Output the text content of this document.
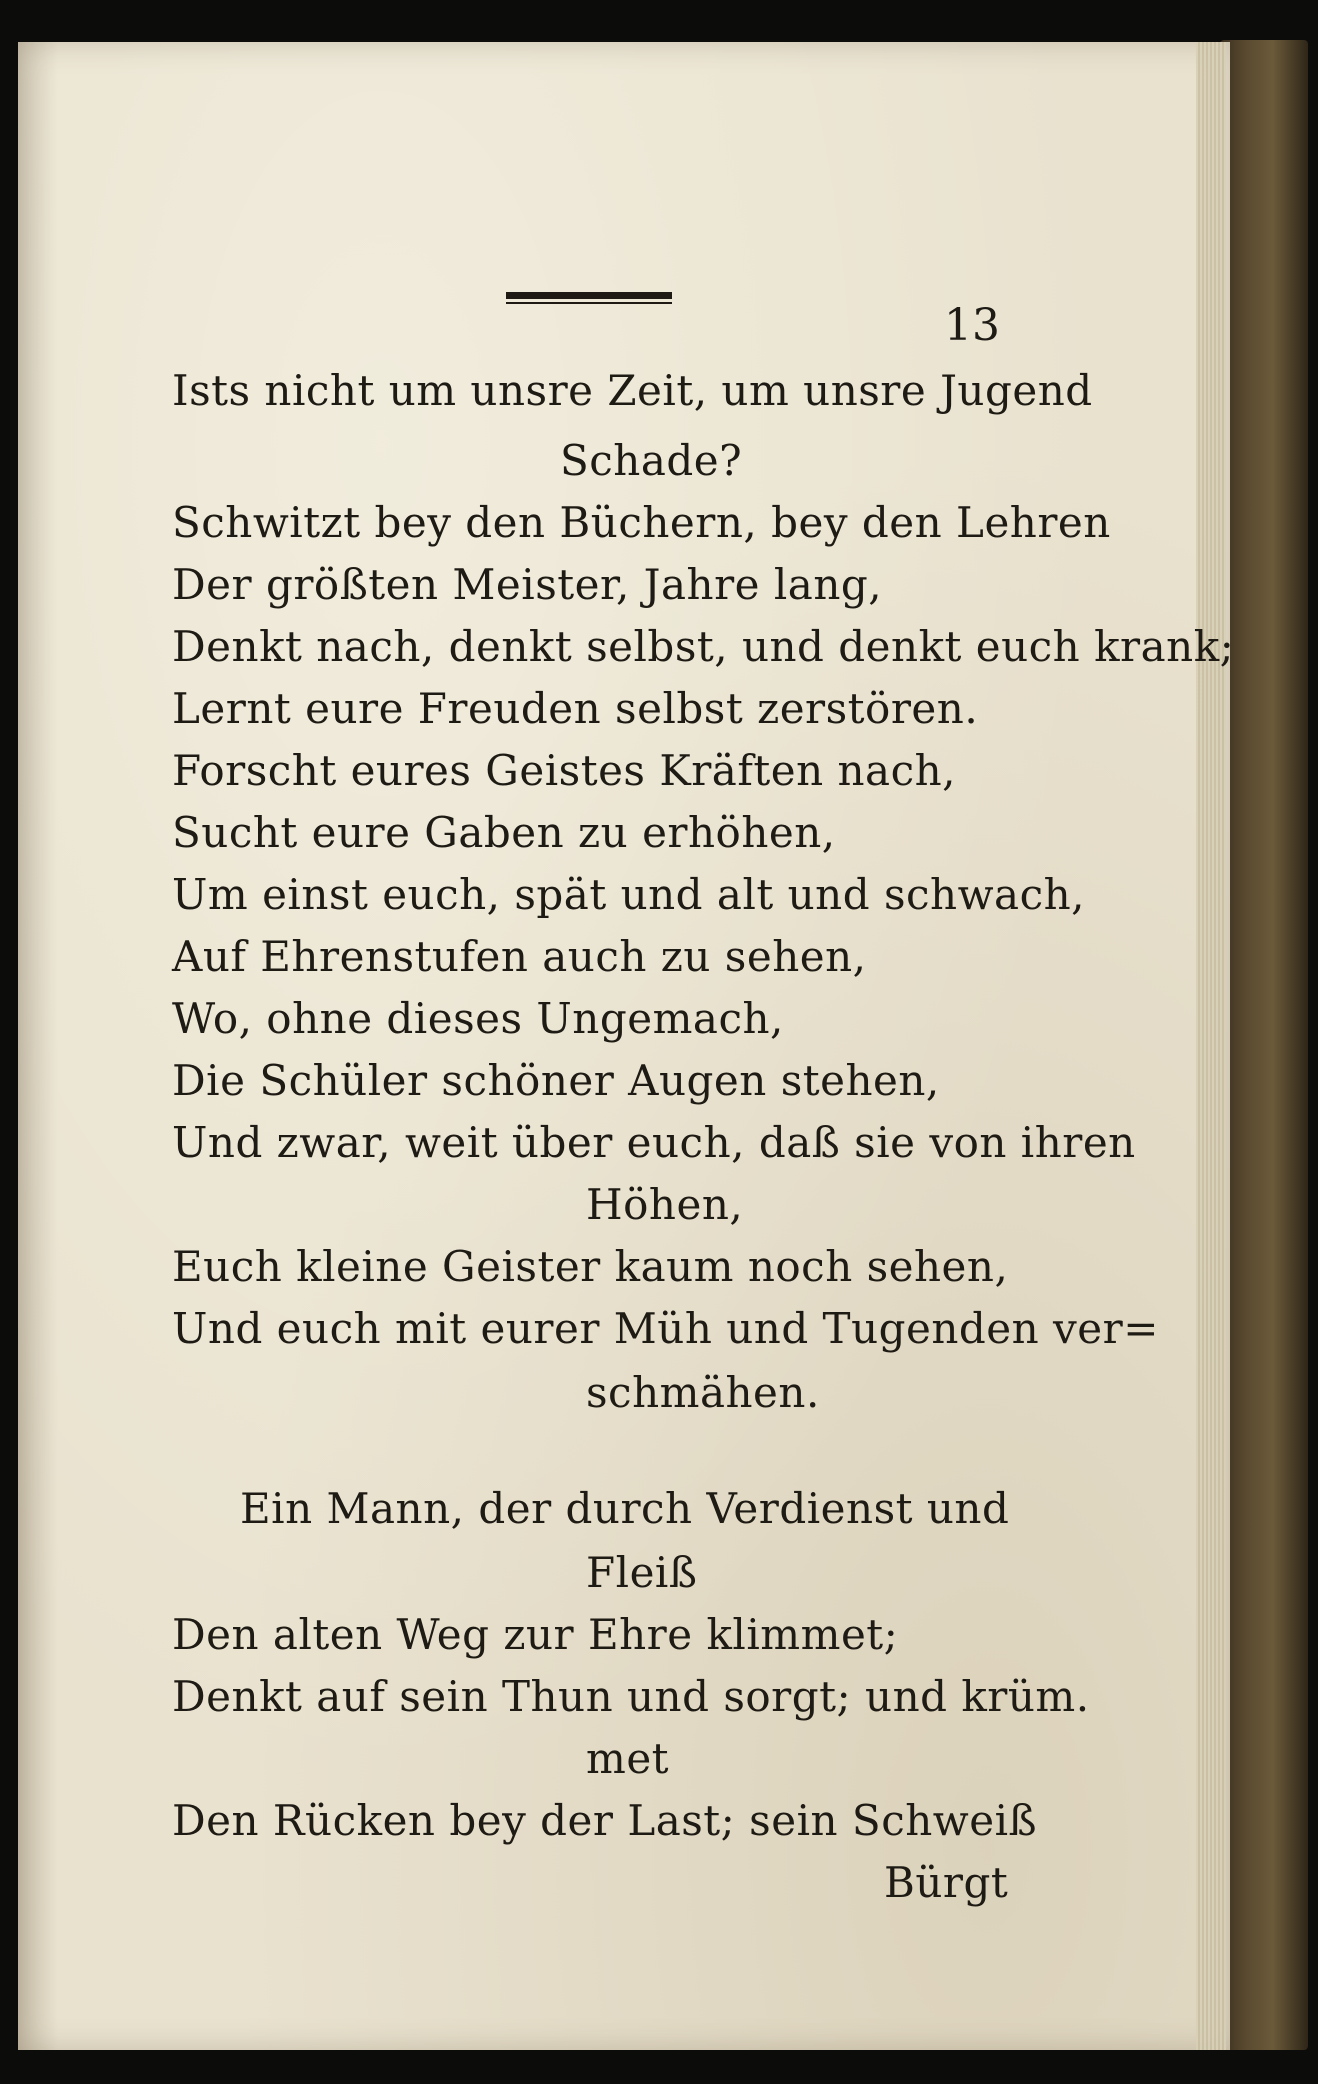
13
Ists nicht um unsre Zeit, um unsre Jugend
Schade?
Schwitzt bey den Büchern, bey den Lehren
Der größten Meister, Jahre lang,
Denkt nach, denkt selbst, und denkt euch krank;
Lernt eure Freuden selbst zerstören.
Forscht eures Geistes Kräften nach,
Sucht eure Gaben zu erhöhen,
Um einst euch, spät und alt und schwach,
Auf Ehrenstufen auch zu sehen,
Wo, ohne dieses Ungemach,
Die Schüler schöner Augen stehen,
Und zwar, weit über euch, daß sie von ihren
Höhen,
Euch kleine Geister kaum noch sehen,
Und euch mit eurer Müh und Tugenden ver=
schmähen.
Ein Mann, der durch Verdienst und
Fleiß
Den alten Weg zur Ehre klimmet;
Denkt auf sein Thun und sorgt; und krüm.
met
Den Rücken bey der Last; sein Schweiß
Bürgt
